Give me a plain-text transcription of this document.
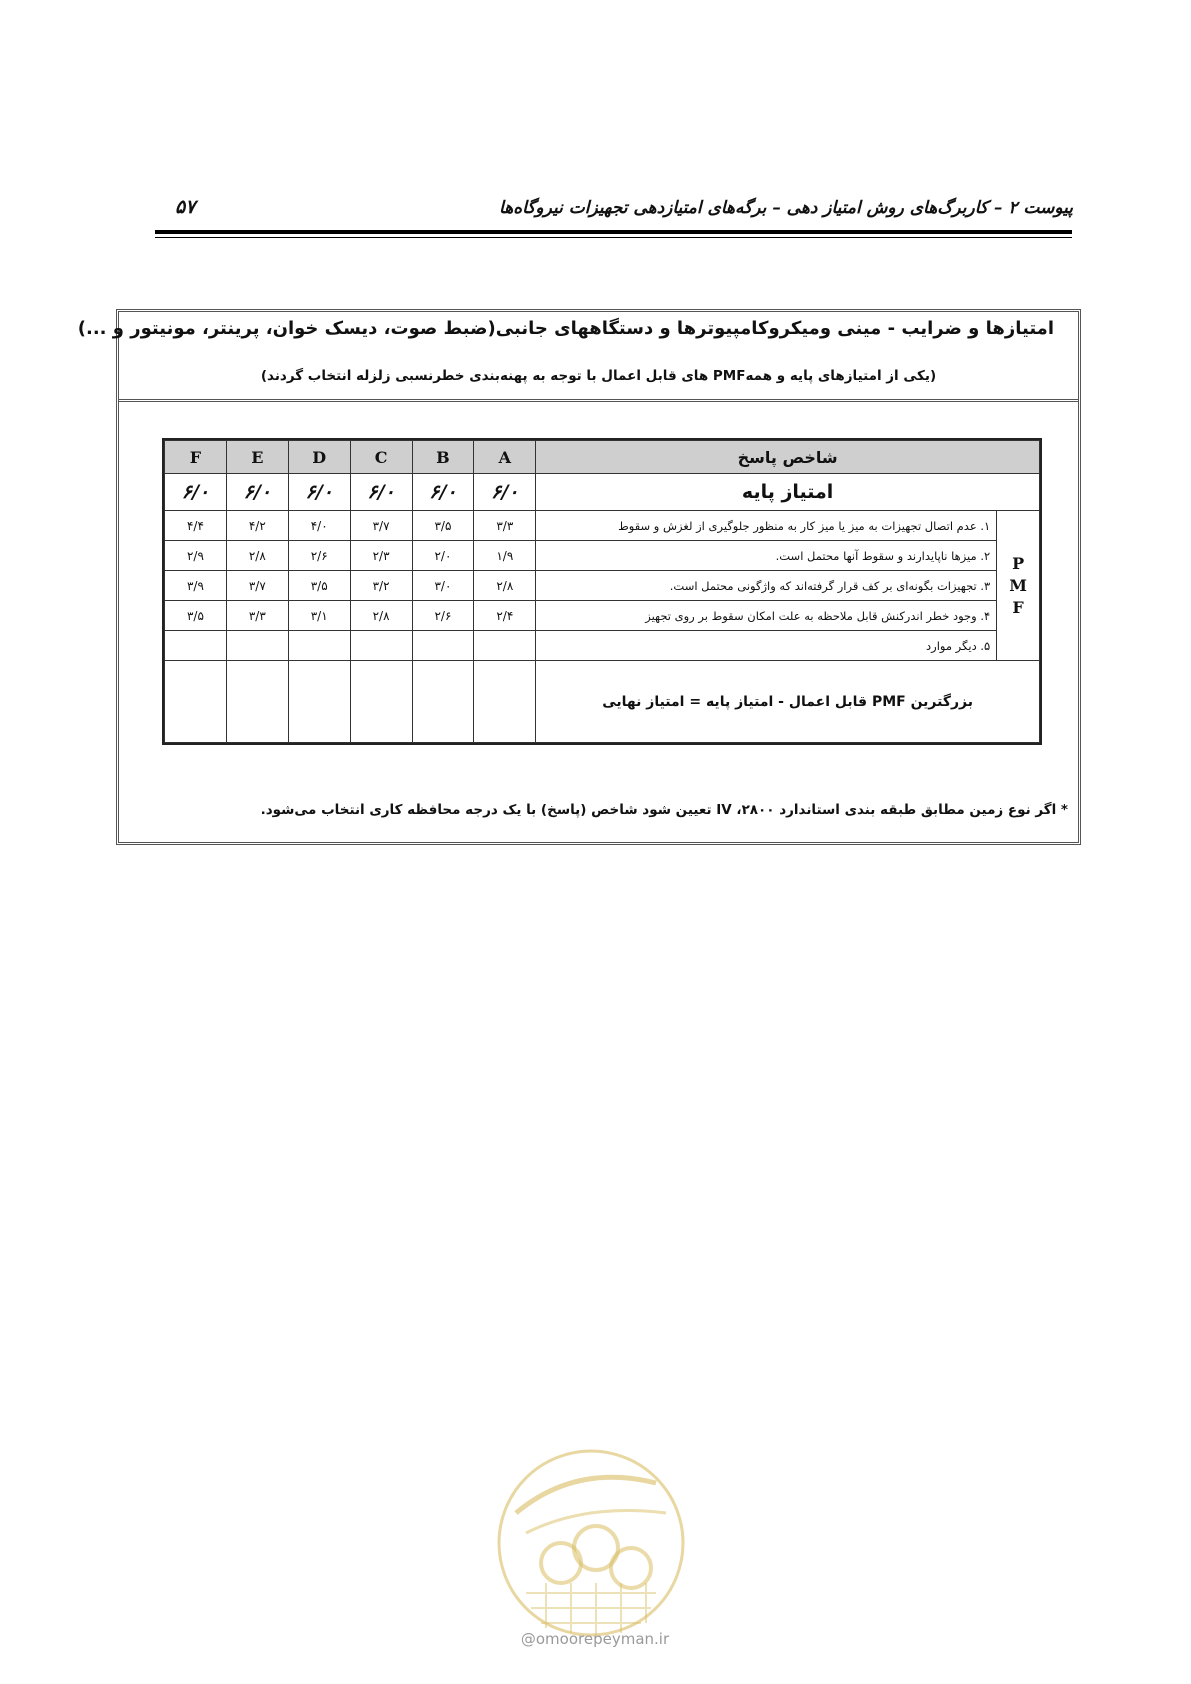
پیوست ۲ – کاربرگ‌های روش امتیاز دهی – برگه‌های امتیازدهی تجهیزات نیروگاه‌ها
۵۷
امتیازها و ضرایب - مینی ومیکروکامپیوترها و دستگاههای جانبی(ضبط صوت، دیسک خوان، پرینتر، مونیتور و ...)
(یکی از امتیازهای پایه و همهPMF های قابل اعمال با توجه به پهنه‌بندی خطرنسبی زلزله انتخاب گردند)
F	E	D	C	B	A	شاخص پاسخ	
۶/۰	۶/۰	۶/۰	۶/۰	۶/۰	۶/۰	امتیاز پایه	
۴/۴	۴/۲	۴/۰	۳/۷	۳/۵	۳/۳	۱. عدم اتصال تجهیزات به میز یا میز کار به منظور جلوگیری از لغزش و سقوط	P
M
F
۲/۹	۲/۸	۲/۶	۲/۳	۲/۰	۱/۹	۲. میزها ناپایدارند و سقوط آنها محتمل است.	
۳/۹	۳/۷	۳/۵	۳/۲	۳/۰	۲/۸	۳. تجهیزات بگونه‌ای بر کف قرار گرفته‌اند که واژگونی محتمل است.	
۳/۵	۳/۳	۳/۱	۲/۸	۲/۶	۲/۴	۴. وجود خطر اندرکنش قابل ملاحظه به علت امکان سقوط بر روی تجهیز	
						۵. دیگر موارد	
						بزرگترین PMF قابل اعمال - امتیاز پایه = امتیاز نهایی	
* اگر نوع زمین مطابق طبقه بندی استاندارد ۲۸۰۰، IV تعیین شود شاخص (پاسخ) با یک درجه محافظه کاری انتخاب می‌شود.
@omoorepeyman.ir
